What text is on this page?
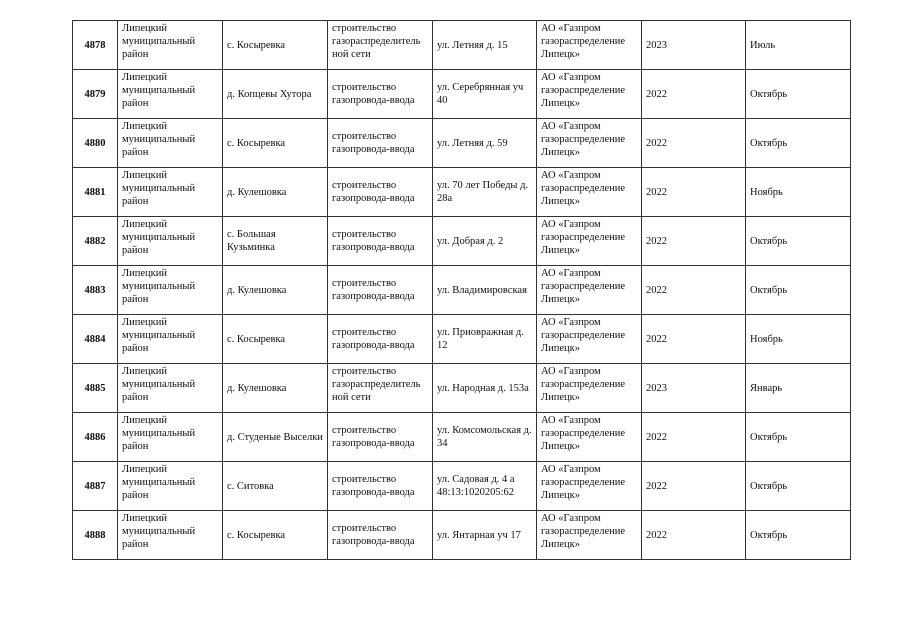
4878	Липецкий муниципальный район	с. Косыревка	строительство газораспределитель ной сети	ул. Летняя д. 15	АО «Газпром газораспределение Липецк»	2023	Июль
4879	Липецкий муниципальный район	д. Копцевы Хутора	строительство газопровода-ввода	ул. Серебрянная уч 40	АО «Газпром газораспределение Липецк»	2022	Октябрь
4880	Липецкий муниципальный район	с. Косыревка	строительство газопровода-ввода	ул. Летняя д. 59	АО «Газпром газораспределение Липецк»	2022	Октябрь
4881	Липецкий муниципальный район	д. Кулешовка	строительство газопровода-ввода	ул. 70 лет Победы д. 28а	АО «Газпром газораспределение Липецк»	2022	Ноябрь
4882	Липецкий муниципальный район	с. Большая Кузьминка	строительство газопровода-ввода	ул. Добрая д. 2	АО «Газпром газораспределение Липецк»	2022	Октябрь
4883	Липецкий муниципальный район	д. Кулешовка	строительство газопровода-ввода	ул. Владимировская	АО «Газпром газораспределение Липецк»	2022	Октябрь
4884	Липецкий муниципальный район	с. Косыревка	строительство газопровода-ввода	ул. Приовражная д. 12	АО «Газпром газораспределение Липецк»	2022	Ноябрь
4885	Липецкий муниципальный район	д. Кулешовка	строительство газораспределитель ной сети	ул. Народная д. 153а	АО «Газпром газораспределение Липецк»	2023	Январь
4886	Липецкий муниципальный район	д. Студеные Выселки	строительство газопровода-ввода	ул. Комсомольская д. 34	АО «Газпром газораспределение Липецк»	2022	Октябрь
4887	Липецкий муниципальный район	с. Ситовка	строительство газопровода-ввода	ул. Садовая д. 4 а 48:13:1020205:62	АО «Газпром газораспределение Липецк»	2022	Октябрь
4888	Липецкий муниципальный район	с. Косыревка	строительство газопровода-ввода	ул. Янтарная уч 17	АО «Газпром газораспределение Липецк»	2022	Октябрь
